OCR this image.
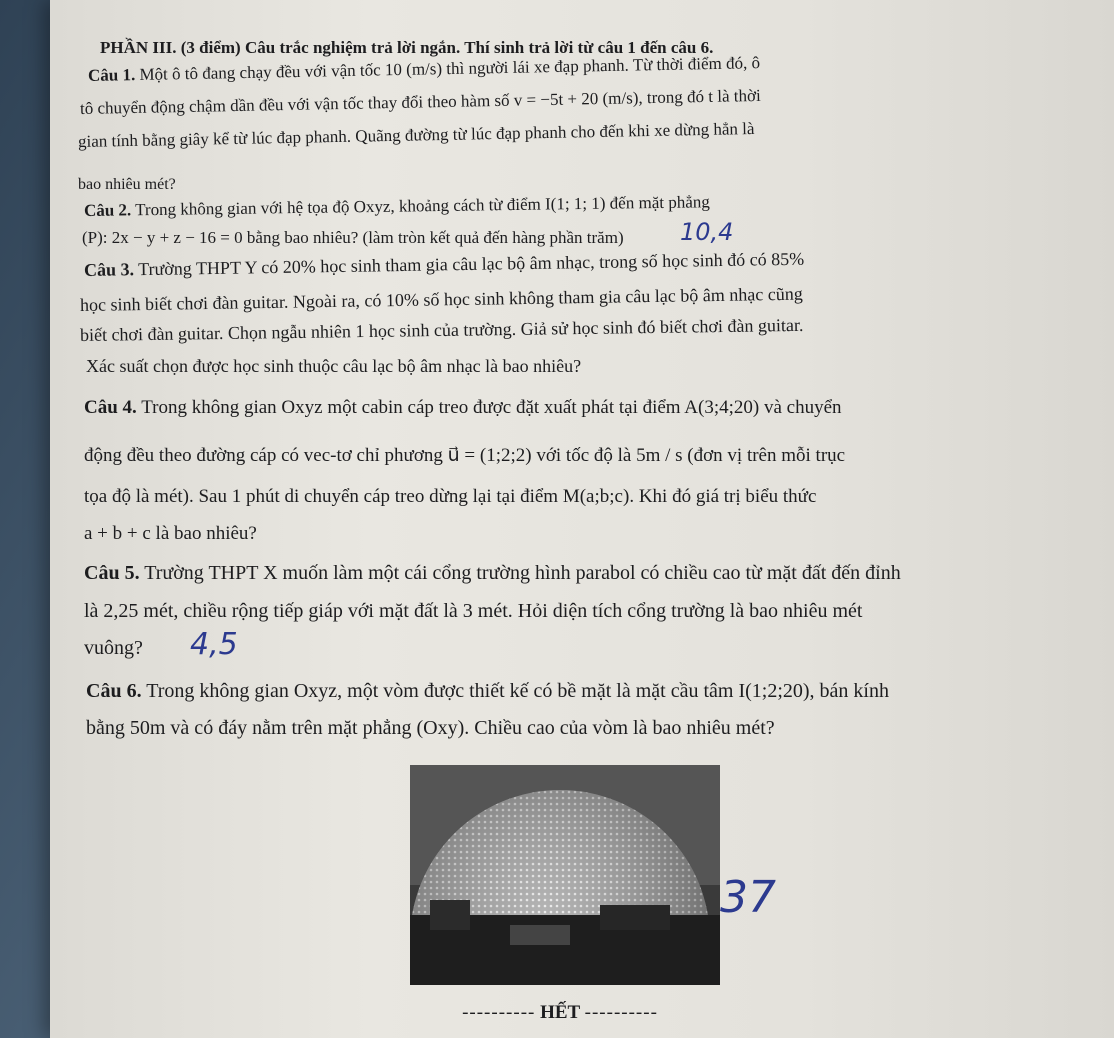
PHẦN III. (3 điểm) Câu trắc nghiệm trả lời ngắn. Thí sinh trả lời từ câu 1 đến câu 6.
Câu 1. Một ô tô đang chạy đều với vận tốc 10 (m/s) thì người lái xe đạp phanh. Từ thời điểm đó, ô
tô chuyển động chậm dần đều với vận tốc thay đổi theo hàm số v = −5t + 20 (m/s), trong đó t là thời
gian tính bằng giây kể từ lúc đạp phanh. Quãng đường từ lúc đạp phanh cho đến khi xe dừng hẳn là
bao nhiêu mét?
Câu 2. Trong không gian với hệ tọa độ Oxyz, khoảng cách từ điểm I(1; 1; 1) đến mặt phẳng
(P): 2x − y + z − 16 = 0 bằng bao nhiêu? (làm tròn kết quả đến hàng phần trăm) 10,4
Câu 3. Trường THPT Y có 20% học sinh tham gia câu lạc bộ âm nhạc, trong số học sinh đó có 85%
học sinh biết chơi đàn guitar. Ngoài ra, có 10% số học sinh không tham gia câu lạc bộ âm nhạc cũng
biết chơi đàn guitar. Chọn ngẫu nhiên 1 học sinh của trường. Giả sử học sinh đó biết chơi đàn guitar.
Xác suất chọn được học sinh thuộc câu lạc bộ âm nhạc là bao nhiêu?
Câu 4. Trong không gian Oxyz một cabin cáp treo được đặt xuất phát tại điểm A(3;4;20) và chuyển
động đều theo đường cáp có vec-tơ chỉ phương u⃗ = (1;2;2) với tốc độ là 5m / s (đơn vị trên mỗi trục
tọa độ là mét). Sau 1 phút di chuyển cáp treo dừng lại tại điểm M(a;b;c). Khi đó giá trị biểu thức
a + b + c là bao nhiêu?
Câu 5. Trường THPT X muốn làm một cái cổng trường hình parabol có chiều cao từ mặt đất đến đỉnh
là 2,25 mét, chiều rộng tiếp giáp với mặt đất là 3 mét. Hỏi diện tích cổng trường là bao nhiêu mét
vuông? 4,5
Câu 6. Trong không gian Oxyz, một vòm được thiết kế có bề mặt là mặt cầu tâm I(1;2;20), bán kính
bằng 50m và có đáy nằm trên mặt phẳng (Oxy). Chiều cao của vòm là bao nhiêu mét?
37
---------- HẾT ----------
